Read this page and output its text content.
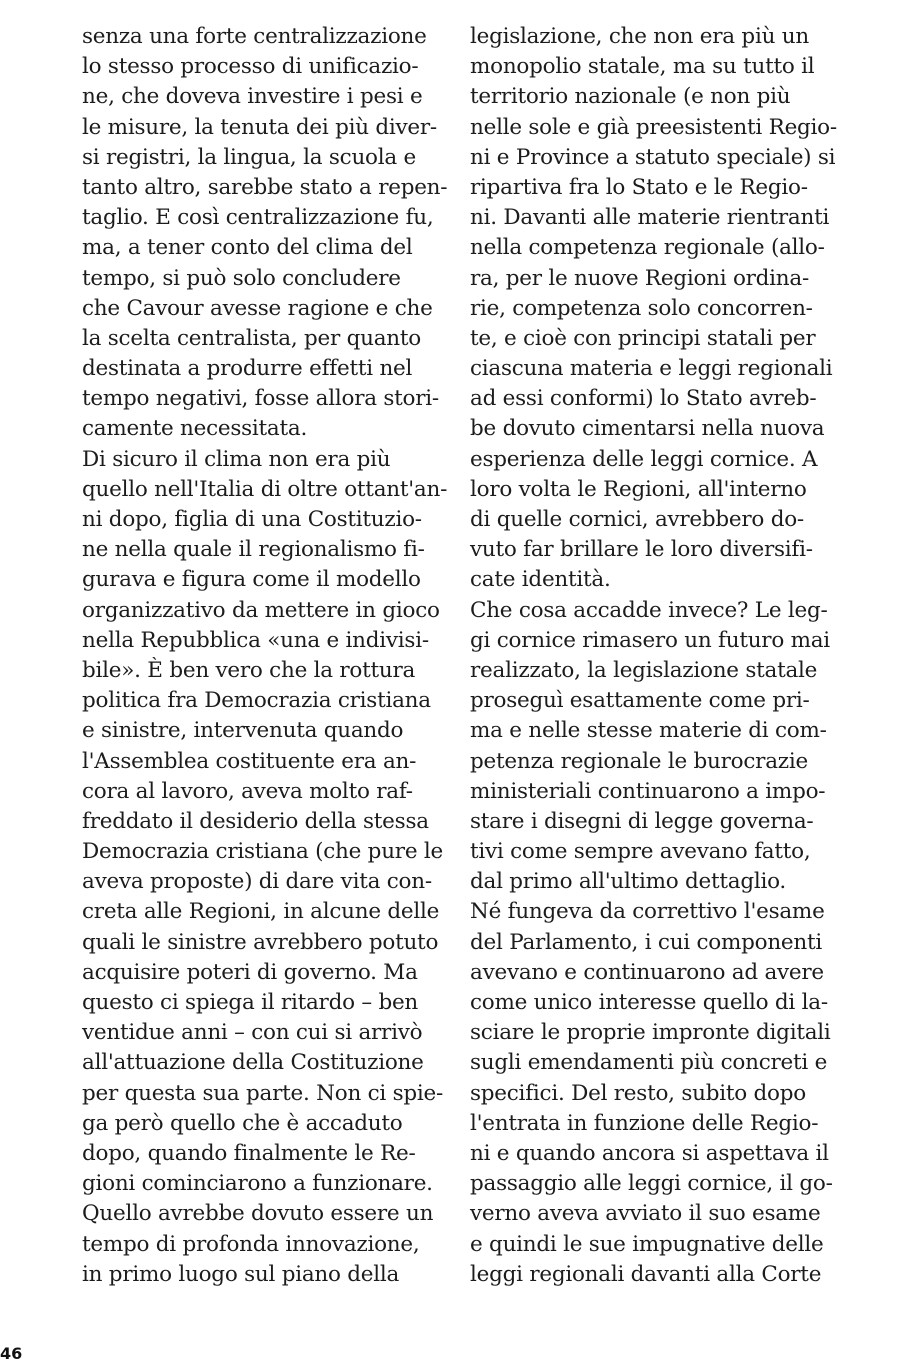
senza una forte centralizzazione
lo stesso processo di unificazio-
ne, che doveva investire i pesi e
le misure, la tenuta dei più diver-
si registri, la lingua, la scuola e
tanto altro, sarebbe stato a repen-
taglio. E così centralizzazione fu,
ma, a tener conto del clima del
tempo, si può solo concludere
che Cavour avesse ragione e che
la scelta centralista, per quanto
destinata a produrre effetti nel
tempo negativi, fosse allora stori-
camente necessitata.
Di sicuro il clima non era più
quello nell'Italia di oltre ottant'an-
ni dopo, figlia di una Costituzio-
ne nella quale il regionalismo fi-
gurava e figura come il modello
organizzativo da mettere in gioco
nella Repubblica «una e indivisi-
bile». È ben vero che la rottura
politica fra Democrazia cristiana
e sinistre, intervenuta quando
l'Assemblea costituente era an-
cora al lavoro, aveva molto raf-
freddato il desiderio della stessa
Democrazia cristiana (che pure le
aveva proposte) di dare vita con-
creta alle Regioni, in alcune delle
quali le sinistre avrebbero potuto
acquisire poteri di governo. Ma
questo ci spiega il ritardo – ben
ventidue anni – con cui si arrivò
all'attuazione della Costituzione
per questa sua parte. Non ci spie-
ga però quello che è accaduto
dopo, quando finalmente le Re-
gioni cominciarono a funzionare.
Quello avrebbe dovuto essere un
tempo di profonda innovazione,
in primo luogo sul piano della
legislazione, che non era più un
monopolio statale, ma su tutto il
territorio nazionale (e non più
nelle sole e già preesistenti Regio-
ni e Province a statuto speciale) si
ripartiva fra lo Stato e le Regio-
ni. Davanti alle materie rientranti
nella competenza regionale (allo-
ra, per le nuove Regioni ordina-
rie, competenza solo concorren-
te, e cioè con principi statali per
ciascuna materia e leggi regionali
ad essi conformi) lo Stato avreb-
be dovuto cimentarsi nella nuova
esperienza delle leggi cornice. A
loro volta le Regioni, all'interno
di quelle cornici, avrebbero do-
vuto far brillare le loro diversifi-
cate identità.
Che cosa accadde invece? Le leg-
gi cornice rimasero un futuro mai
realizzato, la legislazione statale
proseguì esattamente come pri-
ma e nelle stesse materie di com-
petenza regionale le burocrazie
ministeriali continuarono a impo-
stare i disegni di legge governa-
tivi come sempre avevano fatto,
dal primo all'ultimo dettaglio.
Né fungeva da correttivo l'esame
del Parlamento, i cui componenti
avevano e continuarono ad avere
come unico interesse quello di la-
sciare le proprie impronte digitali
sugli emendamenti più concreti e
specifici. Del resto, subito dopo
l'entrata in funzione delle Regio-
ni e quando ancora si aspettava il
passaggio alle leggi cornice, il go-
verno aveva avviato il suo esame
e quindi le sue impugnative delle
leggi regionali davanti alla Corte
46
